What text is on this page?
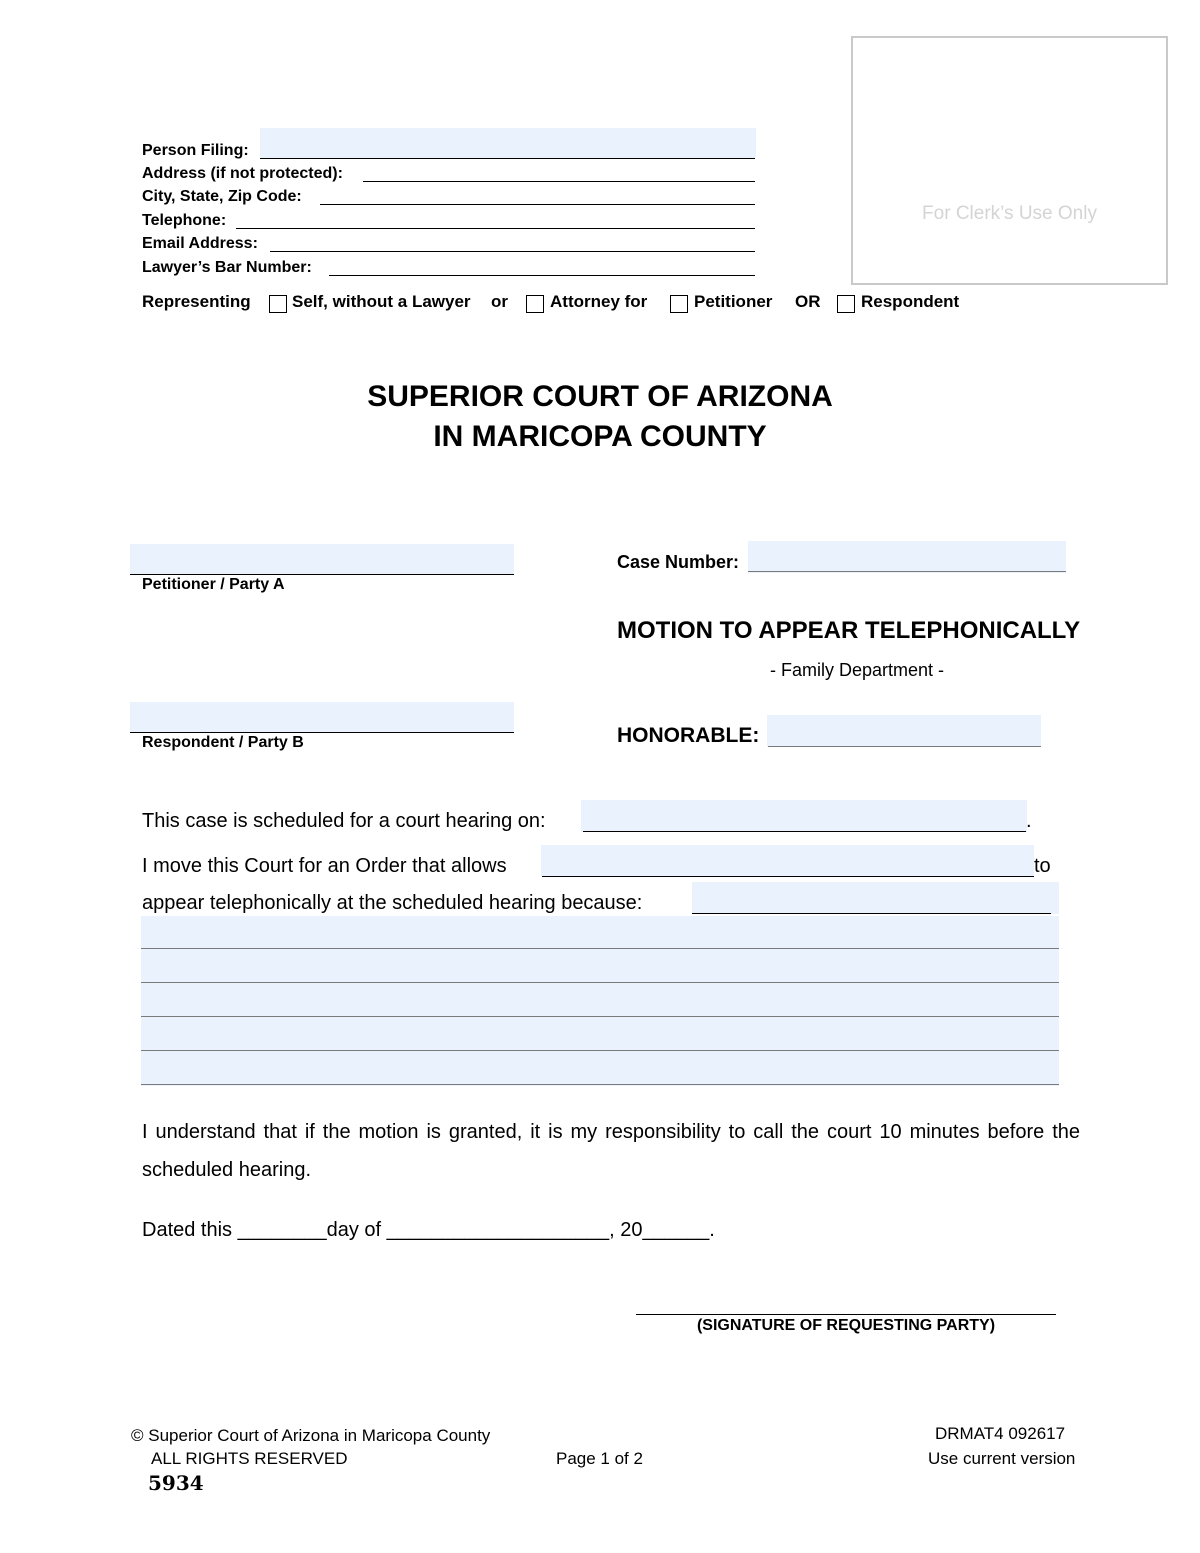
Person Filing:
Address (if not protected):
City, State, Zip Code:
Telephone:
Email Address:
Lawyer’s Bar Number:
For Clerk’s Use Only
Representing Self, without a Lawyer or Attorney for	Petitioner OR Respondent
SUPERIOR COURT OF ARIZONA
IN MARICOPA COUNTY
Petitioner / Party A
Respondent / Party B
Case Number:
MOTION TO APPEAR TELEPHONICALLY
- Family Department -
HONORABLE:
This case is scheduled for a court hearing on:	.
I move this Court for an Order that allows	to
appear telephonically at the scheduled hearing because:
I understand that if the motion is granted, it is my responsibility to call the court 10 minutes before the scheduled hearing.
Dated this ________day of ____________________, 20______.
(SIGNATURE OF REQUESTING PARTY)
© Superior Court of Arizona in Maricopa County
ALL RIGHTS RESERVED	Page 1 of 2
DRMAT4 092617
Use current version
5934
